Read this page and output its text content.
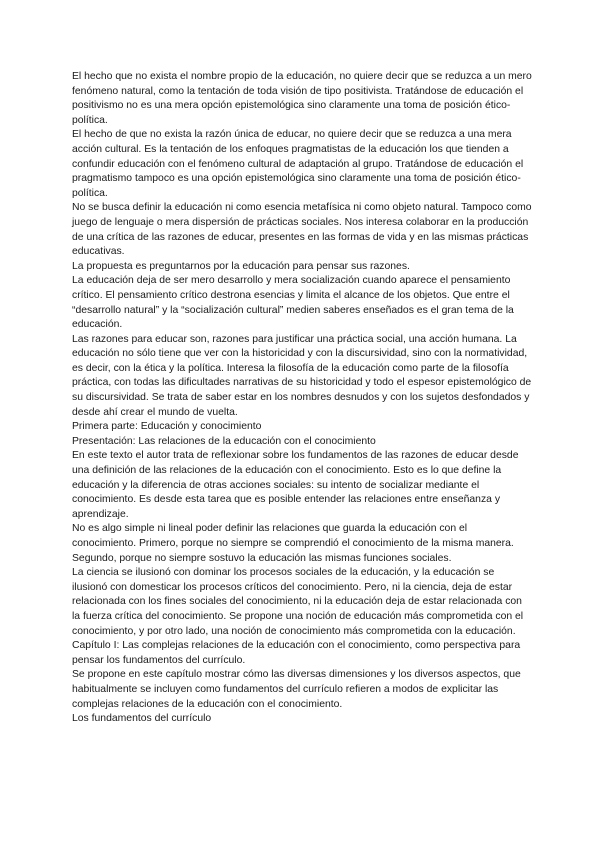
El hecho que no exista el nombre propio de la educación, no quiere decir que se reduzca a un mero fenómeno natural, como la tentación de toda visión de tipo positivista. Tratándose de educación el positivismo no es una mera opción epistemológica sino claramente una toma de posición ético- política.

El hecho de que no exista la razón única de educar, no quiere decir que se reduzca a una mera acción cultural. Es la tentación de los enfoques pragmatistas de la educación los que tienden a confundir educación con el fenómeno cultural de adaptación al grupo. Tratándose de educación el pragmatismo tampoco es una opción epistemológica sino claramente una toma de posición ético- política.

No se busca definir la educación ni como esencia metafísica ni como objeto natural. Tampoco como juego de lenguaje o mera dispersión de prácticas sociales. Nos interesa colaborar en la producción de una crítica de las razones de educar, presentes en las formas de vida y en las mismas prácticas educativas.

La propuesta es preguntarnos por la educación para pensar sus razones.

La educación deja de ser mero desarrollo y mera socialización cuando aparece el pensamiento crítico. El pensamiento crítico destrona esencias y limita el alcance de los objetos. Que entre el “desarrollo natural” y la “socialización cultural” medien saberes enseñados es el gran tema de la educación.

Las razones para educar son, razones para justificar una práctica social, una acción humana. La educación no sólo tiene que ver con la historicidad y con la discursividad, sino con la normatividad, es decir, con la ética y la política. Interesa la filosofía de la educación como parte de la filosofía práctica, con todas las dificultades narrativas de su historicidad y todo el espesor epistemológico de su discursividad. Se trata de saber estar en los nombres desnudos y con los sujetos desfondados y desde ahí crear el mundo de vuelta.

Primera parte: Educación y conocimiento

Presentación: Las relaciones de la educación con el conocimiento

En este texto el autor trata de reflexionar sobre los fundamentos de las razones de educar desde una definición de las relaciones de la educación con el conocimiento. Esto es lo que define la educación y la diferencia de otras acciones sociales: su intento de socializar mediante el conocimiento. Es desde esta tarea que es posible entender las relaciones entre enseñanza y aprendizaje.

No es algo simple ni lineal poder definir las relaciones que guarda la educación con el conocimiento. Primero, porque no siempre se comprendió el conocimiento de la misma manera. Segundo, porque no siempre sostuvo la educación las mismas funciones sociales.

La ciencia se ilusionó con dominar los procesos sociales de la educación, y la educación se ilusionó con domesticar los procesos críticos del conocimiento. Pero, ni la ciencia, deja de estar relacionada con los fines sociales del conocimiento, ni la educación deja de estar relacionada con la fuerza crítica del conocimiento. Se propone una noción de educación más comprometida con el conocimiento, y por otro lado, una noción de conocimiento más comprometida con la educación.

Capítulo I: Las complejas relaciones de la educación con el conocimiento, como perspectiva para pensar los fundamentos del currículo.

Se propone en este capítulo mostrar cómo las diversas dimensiones y los diversos aspectos, que habitualmente se incluyen como fundamentos del currículo refieren a modos de explicitar las complejas relaciones de la educación con el conocimiento.

Los fundamentos del currículo
